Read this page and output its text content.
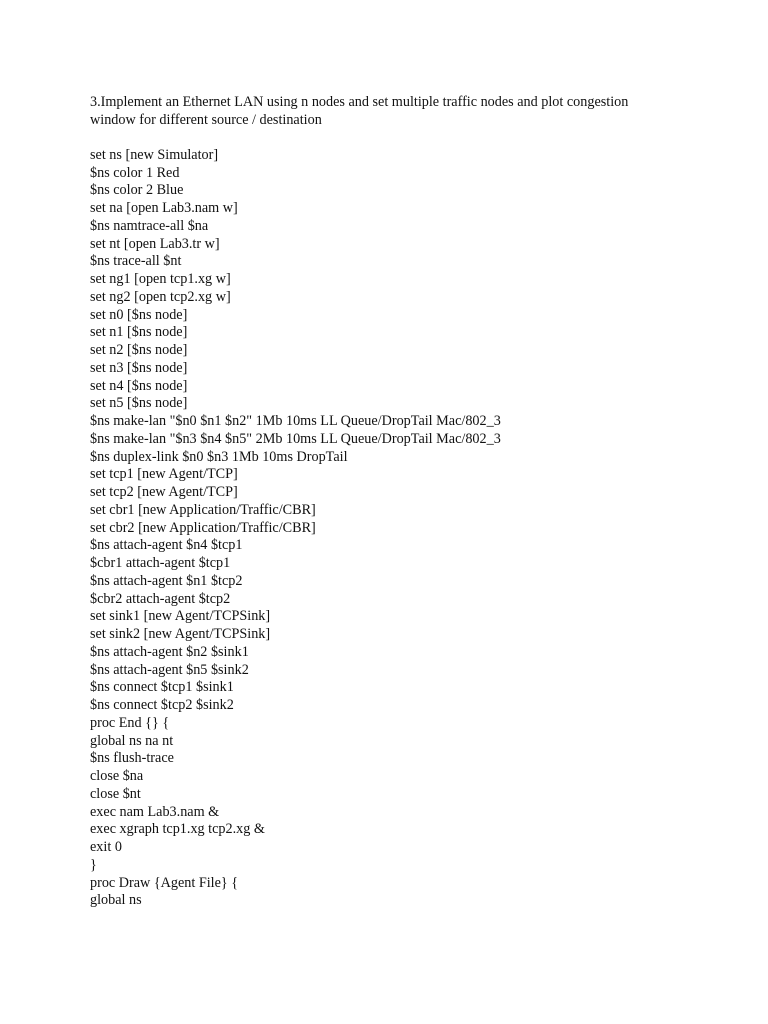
3.Implement an Ethernet LAN using n nodes and set multiple traffic nodes and plot congestion
window for different source / destination

set ns [new Simulator]
$ns color 1 Red
$ns color 2 Blue
set na [open Lab3.nam w]
$ns namtrace-all $na
set nt [open Lab3.tr w]
$ns trace-all $nt
set ng1 [open tcp1.xg w]
set ng2 [open tcp2.xg w]
set n0 [$ns node]
set n1 [$ns node]
set n2 [$ns node]
set n3 [$ns node]
set n4 [$ns node]
set n5 [$ns node]
$ns make-lan "$n0 $n1 $n2" 1Mb 10ms LL Queue/DropTail Mac/802_3
$ns make-lan "$n3 $n4 $n5" 2Mb 10ms LL Queue/DropTail Mac/802_3
$ns duplex-link $n0 $n3 1Mb 10ms DropTail
set tcp1 [new Agent/TCP]
set tcp2 [new Agent/TCP]
set cbr1 [new Application/Traffic/CBR]
set cbr2 [new Application/Traffic/CBR]
$ns attach-agent $n4 $tcp1
$cbr1 attach-agent $tcp1
$ns attach-agent $n1 $tcp2
$cbr2 attach-agent $tcp2
set sink1 [new Agent/TCPSink]
set sink2 [new Agent/TCPSink]
$ns attach-agent $n2 $sink1
$ns attach-agent $n5 $sink2
$ns connect $tcp1 $sink1
$ns connect $tcp2 $sink2
proc End {} {
global ns na nt
$ns flush-trace
close $na
close $nt
exec nam Lab3.nam &
exec xgraph tcp1.xg tcp2.xg &
exit 0
}
proc Draw {Agent File} {
global ns
